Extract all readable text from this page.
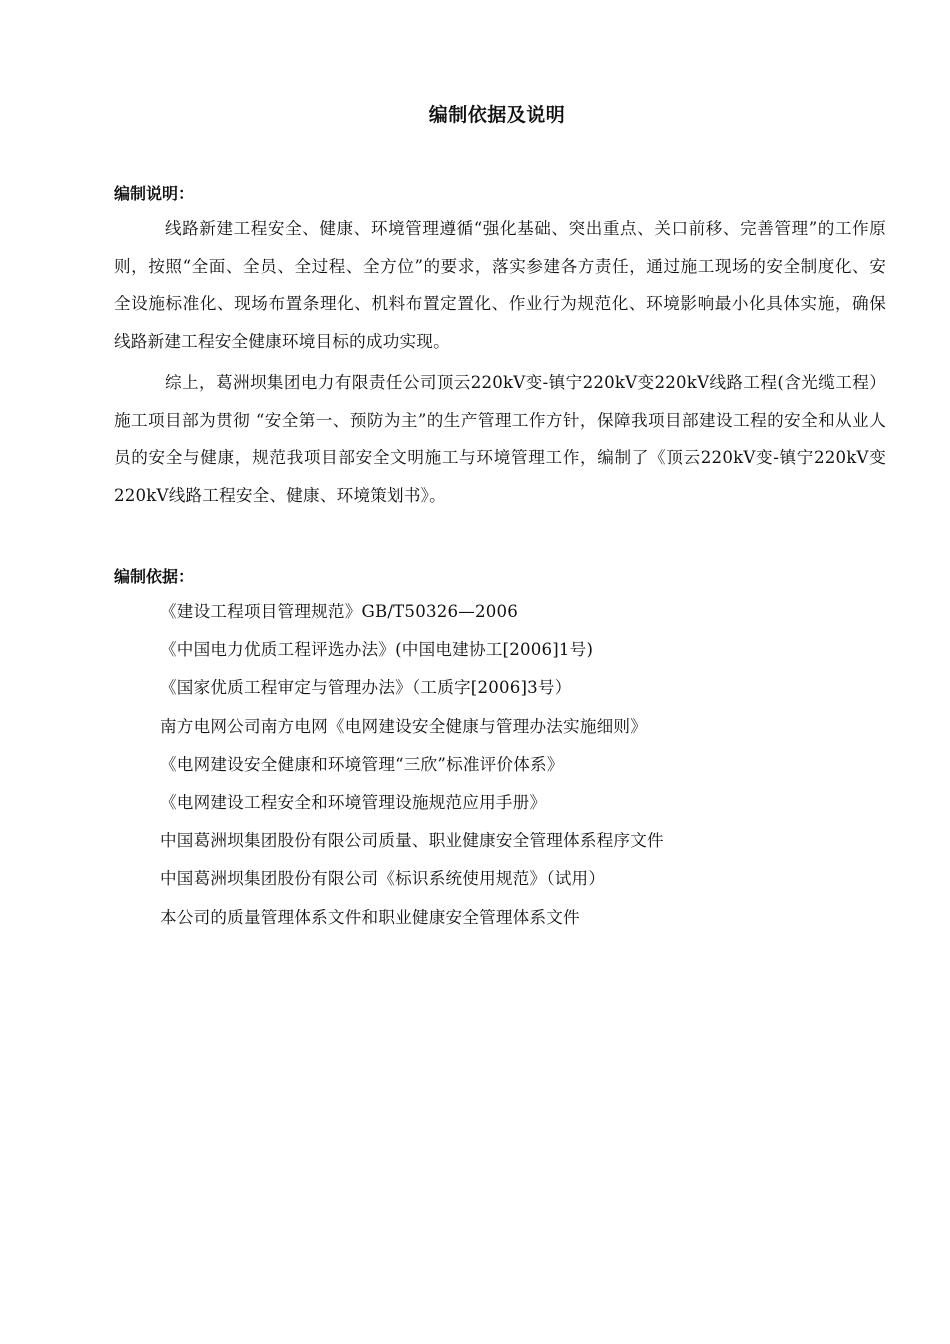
编制依据及说明
编制说明：

线路新建工程安全、健康、环境管理遵循“强化基础、突出重点、关口前移、完善管理”的工作原则，按照“全面、全员、全过程、全方位”的要求，落实参建各方责任，通过施工现场的安全制度化、安全设施标准化、现场布置条理化、机料布置定置化、作业行为规范化、环境影响最小化具体实施，确保线路新建工程安全健康环境目标的成功实现。

综上，葛洲坝集团电力有限责任公司顶云220kV变-镇宁220kV变220kV线路工程(含光缆工程）施工项目部为贯彻 “安全第一、预防为主”的生产管理工作方针，保障我项目部建设工程的安全和从业人员的安全与健康，规范我项目部安全文明施工与环境管理工作，编制了《顶云220kV变-镇宁220kV变220kV线路工程安全、健康、环境策划书》。

编制依据：
《建设工程项目管理规范》GB/T50326—2006
《中国电力优质工程评选办法》(中国电建协工[2006]1号)
《国家优质工程审定与管理办法》（工质字[2006]3号）
南方电网公司南方电网《电网建设安全健康与管理办法实施细则》
《电网建设安全健康和环境管理“三欣”标准评价体系》
《电网建设工程安全和环境管理设施规范应用手册》
中国葛洲坝集团股份有限公司质量、职业健康安全管理体系程序文件
中国葛洲坝集团股份有限公司《标识系统使用规范》（试用）
本公司的质量管理体系文件和职业健康安全管理体系文件
